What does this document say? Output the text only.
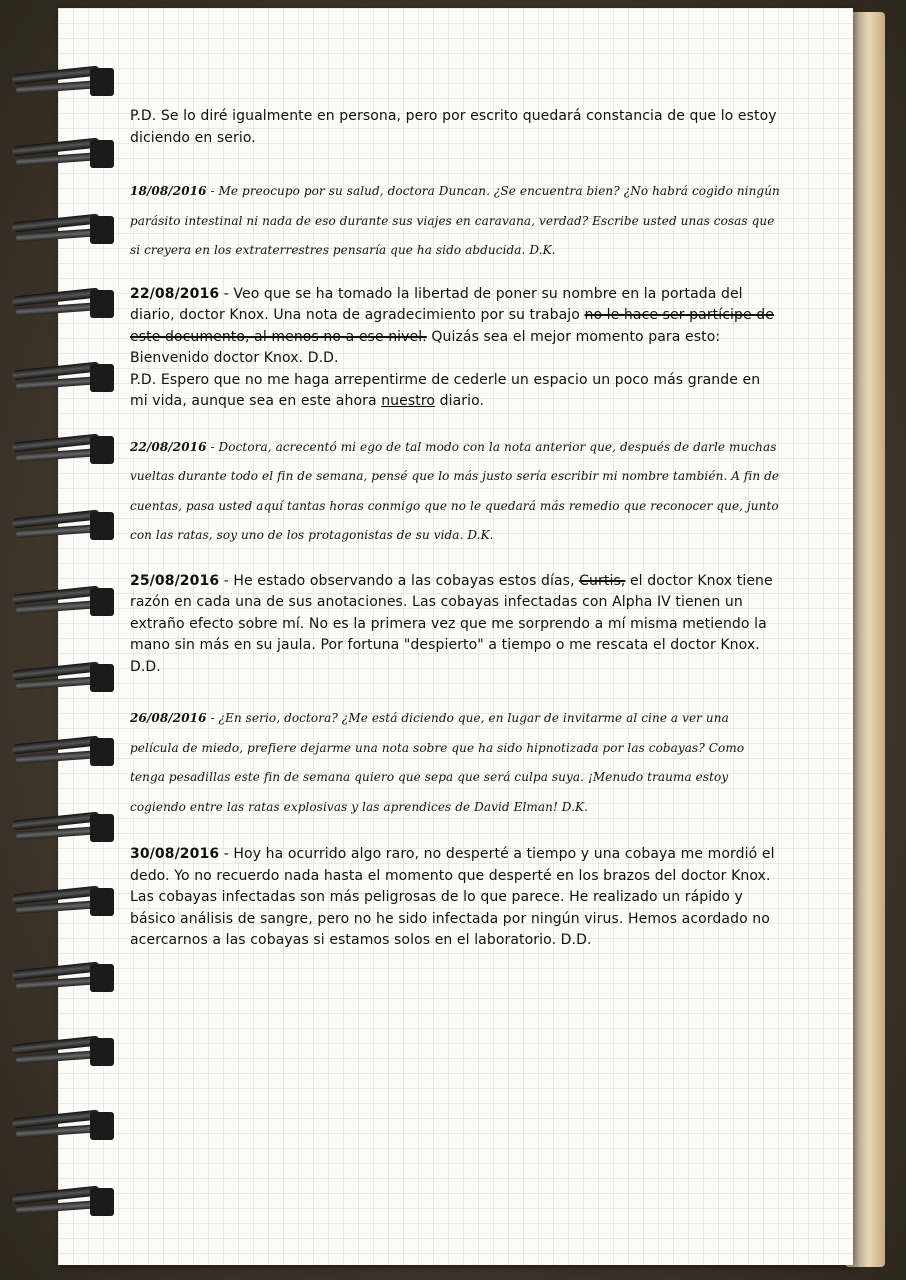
P.D. Se lo diré igualmente en persona, pero por escrito quedará constancia de que lo estoy diciendo en serio.

18/08/2016 - Me preocupo por su salud, doctora Duncan. ¿Se encuentra bien? ¿No habrá cogido ningún parásito intestinal ni nada de eso durante sus viajes en caravana, verdad? Escribe usted unas cosas que si creyera en los extraterrestres pensaría que ha sido abducida. D.K.

22/08/2016 - Veo que se ha tomado la libertad de poner su nombre en la portada del diario, doctor Knox. Una nota de agradecimiento por su trabajo no le hace ser partícipe de este documento, al menos no a ese nivel. Quizás sea el mejor momento para esto: Bienvenido doctor Knox. D.D.
P.D. Espero que no me haga arrepentirme de cederle un espacio un poco más grande en mi vida, aunque sea en este ahora nuestro diario.

22/08/2016 - Doctora, acrecentó mi ego de tal modo con la nota anterior que, después de darle muchas vueltas durante todo el fin de semana, pensé que lo más justo sería escribir mi nombre también. A fin de cuentas, pasa usted aquí tantas horas conmigo que no le quedará más remedio que reconocer que, junto con las ratas, soy uno de los protagonistas de su vida. D.K.

25/08/2016 - He estado observando a las cobayas estos días, Curtis, el doctor Knox tiene razón en cada una de sus anotaciones. Las cobayas infectadas con Alpha IV tienen un extraño efecto sobre mí. No es la primera vez que me sorprendo a mí misma metiendo la mano sin más en su jaula. Por fortuna "despierto" a tiempo o me rescata el doctor Knox. D.D.

26/08/2016 - ¿En serio, doctora? ¿Me está diciendo que, en lugar de invitarme al cine a ver una película de miedo, prefiere dejarme una nota sobre que ha sido hipnotizada por las cobayas? Como tenga pesadillas este fin de semana quiero que sepa que será culpa suya. ¡Menudo trauma estoy cogiendo entre las ratas explosivas y las aprendices de David Elman! D.K.

30/08/2016 - Hoy ha ocurrido algo raro, no desperté a tiempo y una cobaya me mordió el dedo. Yo no recuerdo nada hasta el momento que desperté en los brazos del doctor Knox. Las cobayas infectadas son más peligrosas de lo que parece. He realizado un rápido y básico análisis de sangre, pero no he sido infectada por ningún virus. Hemos acordado no acercarnos a las cobayas si estamos solos en el laboratorio. D.D.
